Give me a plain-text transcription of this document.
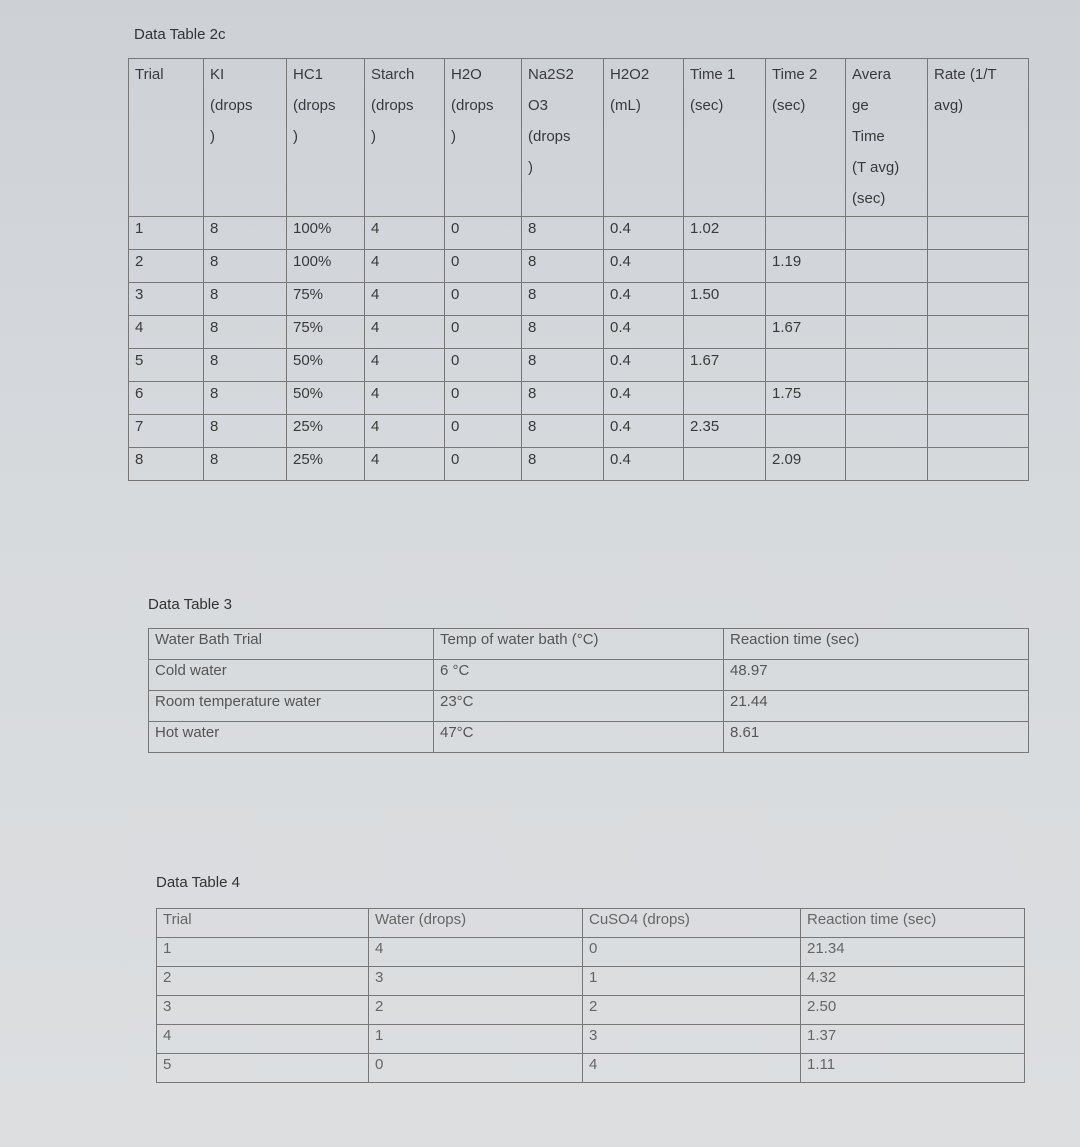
Data Table 2c
Trial	KI
(drops
)	HC1
(drops
)	Starch
(drops
)	H2O
(drops
)	Na2S2
O3
(drops
)	H2O2
(mL)	Time 1
(sec)	Time 2
(sec)	Avera
ge
Time
(T avg)
(sec)	Rate (1/T
avg)
1	8	100%	4	0	8	0.4	1.02			
2	8	100%	4	0	8	0.4		1.19		
3	8	75%	4	0	8	0.4	1.50			
4	8	75%	4	0	8	0.4		1.67		
5	8	50%	4	0	8	0.4	1.67			
6	8	50%	4	0	8	0.4		1.75		
7	8	25%	4	0	8	0.4	2.35			
8	8	25%	4	0	8	0.4		2.09		
Data Table 3
Water Bath Trial	Temp of water bath (°C)	Reaction time (sec)
Cold water	6 °C	48.97
Room temperature water	23°C	21.44
Hot water	47°C	8.61
Data Table 4
Trial	Water (drops)	CuSO4 (drops)	Reaction time (sec)
1	4	0	21.34
2	3	1	4.32
3	2	2	2.50
4	1	3	1.37
5	0	4	1.11
